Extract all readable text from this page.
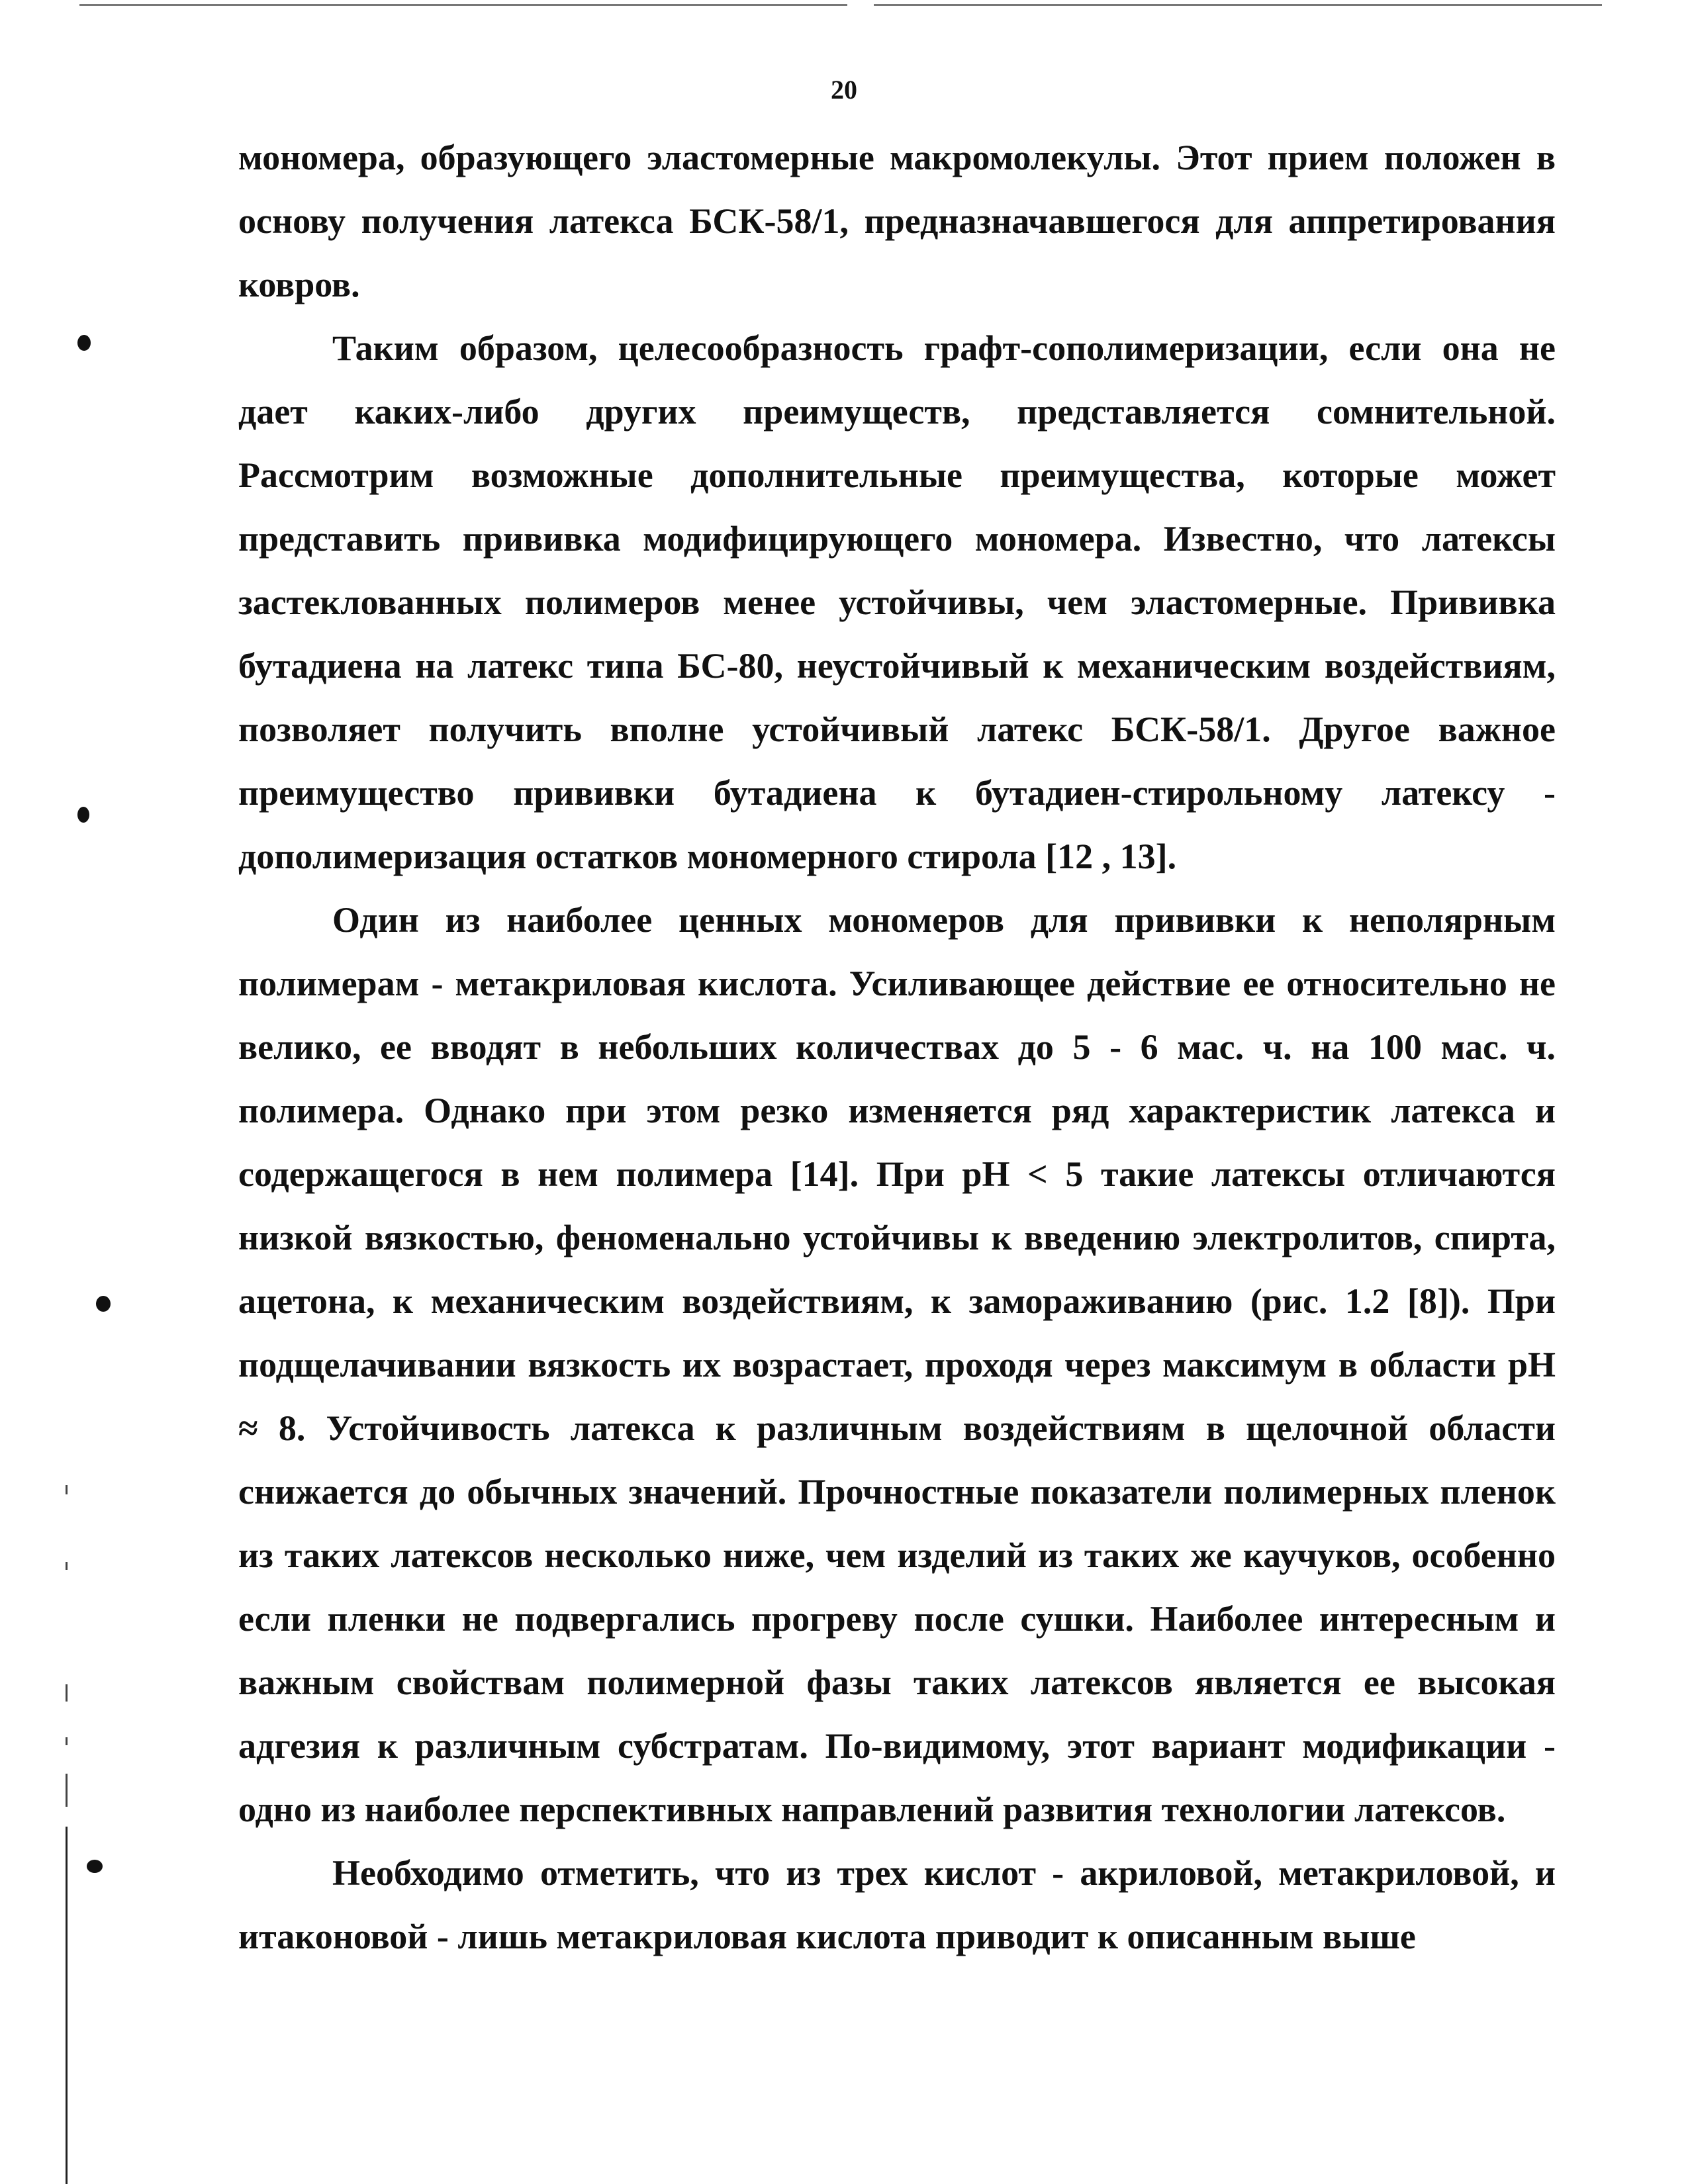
20

мономера, образующего эластомерные макромолекулы. Этот прием положен в основу получения латекса БСК-58/1, предназначавшегося для аппретирования ковров.

Таким образом, целесообразность графт-сополимеризации, если она не дает каких-либо других преимуществ, представляется сомнительной. Рассмотрим возможные дополнительные преимущества, которые может представить прививка модифицирующего мономера. Известно, что латексы застеклованных полимеров менее устойчивы, чем эластомерные. Прививка бутадиена на латекс типа БС-80, неустойчивый к механическим воздействиям, позволяет получить вполне устойчивый латекс БСК-58/1. Другое важное преимущество прививки бутадиена к бутадиен-стирольному латексу - дополимеризация остатков мономерного стирола [12 , 13].

Один из наиболее ценных мономеров для прививки к неполярным полимерам - метакриловая кислота. Усиливающее действие ее относительно не велико, ее вводят в небольших количествах до 5 - 6 мас. ч. на 100 мас. ч. полимера. Однако при этом резко изменяется ряд характеристик латекса и содержащегося в нем полимера [14]. При pH < 5 такие латексы отличаются низкой вязкостью, феноменально устойчивы к введению электролитов, спирта, ацетона, к механическим воздействиям, к замораживанию (рис. 1.2 [8]). При подщелачивании вязкость их возрастает, проходя через максимум в области pH ≈ 8. Устойчивость латекса к различным воздействиям в щелочной области снижается до обычных значений. Прочностные показатели полимерных пленок из таких латексов несколько ниже, чем изделий из таких же каучуков, особенно если пленки не подвергались прогреву после сушки. Наиболее интересным и важным свойствам полимерной фазы таких латексов является ее высокая адгезия к различным субстратам. По-видимому, этот вариант модификации - одно из наиболее перспективных направлений развития технологии латексов.

Необходимо отметить, что из трех кислот - акриловой, метакриловой, и итаконовой - лишь метакриловая кислота приводит к описанным выше
